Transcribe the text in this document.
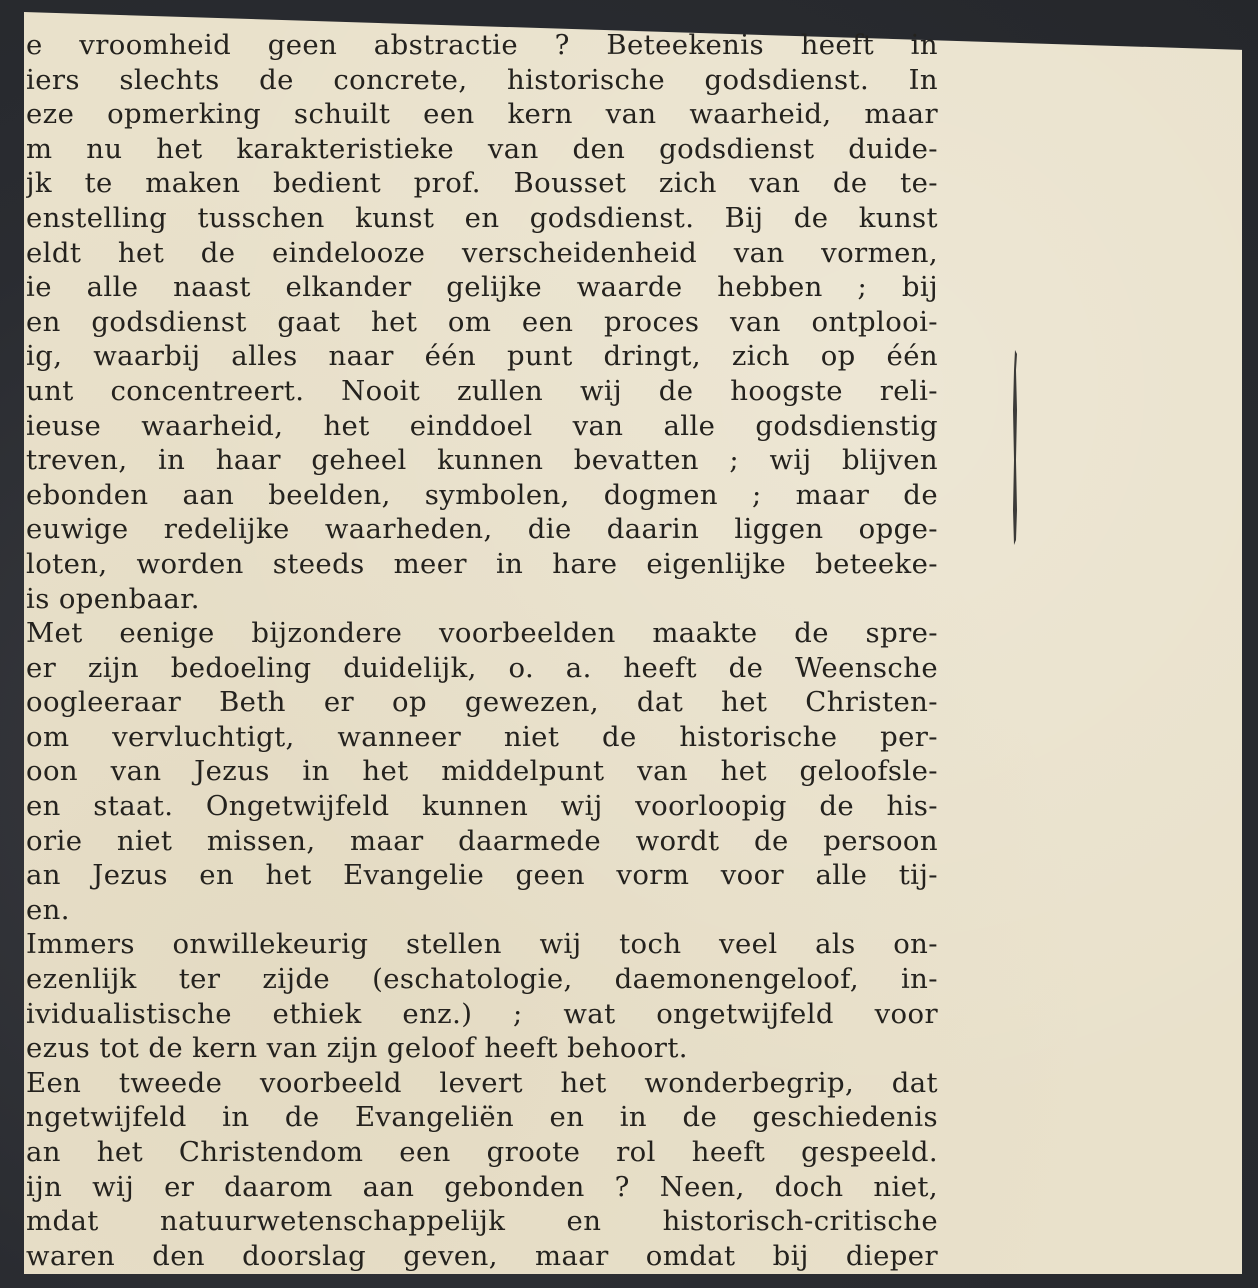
e vroomheid geen abstractie ? Beteekenis heeft in
iers slechts de concrete, historische godsdienst. In
eze opmerking schuilt een kern van waarheid, maar
m nu het karakteristieke van den godsdienst duide-
jk te maken bedient prof. Bousset zich van de te-
enstelling tusschen kunst en godsdienst. Bij de kunst
eldt het de eindelooze verscheidenheid van vormen,
ie alle naast elkander gelijke waarde hebben ; bij
en godsdienst gaat het om een proces van ontplooi-
ig, waarbij alles naar één punt dringt, zich op één
unt concentreert. Nooit zullen wij de hoogste reli-
ieuse waarheid, het einddoel van alle godsdienstig
treven, in haar geheel kunnen bevatten ; wij blijven
ebonden aan beelden, symbolen, dogmen ; maar de
euwige redelijke waarheden, die daarin liggen opge-
loten, worden steeds meer in hare eigenlijke beteeke-
is openbaar.
Met eenige bijzondere voorbeelden maakte de spre-
er zijn bedoeling duidelijk, o. a. heeft de Weensche
oogleeraar Beth er op gewezen, dat het Christen-
om vervluchtigt, wanneer niet de historische per-
oon van Jezus in het middelpunt van het geloofsle-
en staat. Ongetwijfeld kunnen wij voorloopig de his-
orie niet missen, maar daarmede wordt de persoon
an Jezus en het Evangelie geen vorm voor alle tij-
en.
Immers onwillekeurig stellen wij toch veel als on-
ezenlijk ter zijde (eschatologie, daemonengeloof, in-
ividualistische ethiek enz.) ; wat ongetwijfeld voor
ezus tot de kern van zijn geloof heeft behoort.
Een tweede voorbeeld levert het wonderbegrip, dat
ngetwijfeld in de Evangeliën en in de geschiedenis
an het Christendom een groote rol heeft gespeeld.
ijn wij er daarom aan gebonden ? Neen, doch niet,
mdat natuurwetenschappelijk en historisch-critische
waren den doorslag geven, maar omdat bij dieper
